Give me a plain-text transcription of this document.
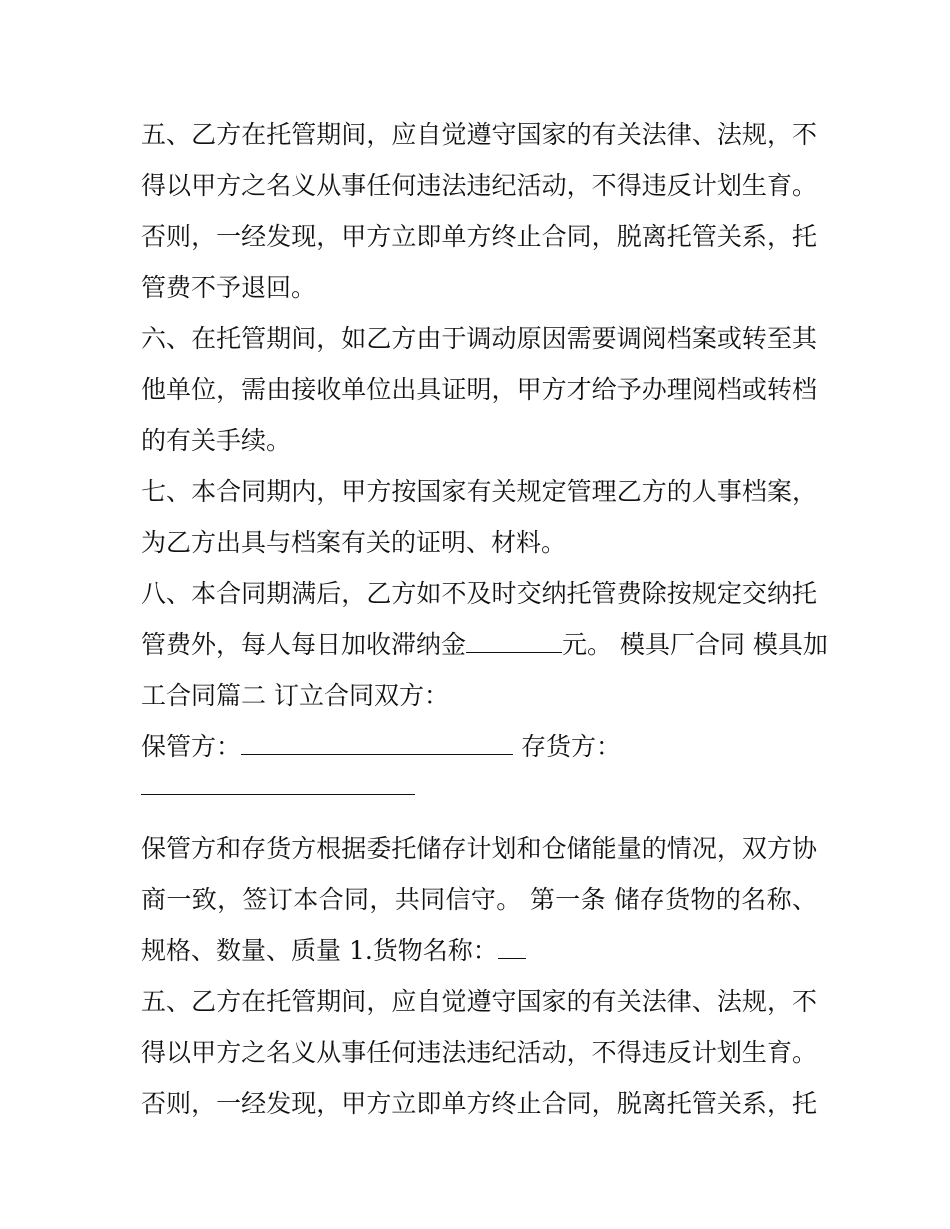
五、乙方在托管期间，应自觉遵守国家的有关法律、法规，不
得以甲方之名义从事任何违法违纪活动，不得违反计划生育。
否则，一经发现，甲方立即单方终止合同，脱离托管关系，托
管费不予退回。
六、在托管期间，如乙方由于调动原因需要调阅档案或转至其
他单位，需由接收单位出具证明，甲方才给予办理阅档或转档
的有关手续。
七、本合同期内，甲方按国家有关规定管理乙方的人事档案，
为乙方出具与档案有关的证明、材料。
八、本合同期满后，乙方如不及时交纳托管费除按规定交纳托
管费外，每人每日加收滞纳金	元。 模具厂合同 模具加
工合同篇二 订立合同双方：
保管方：	存货方：
保管方和存货方根据委托储存计划和仓储能量的情况，双方协
商一致，签订本合同，共同信守。 第一条 储存货物的名称、
规格、数量、质量 1.货物名称：
五、乙方在托管期间，应自觉遵守国家的有关法律、法规，不
得以甲方之名义从事任何违法违纪活动，不得违反计划生育。
否则，一经发现，甲方立即单方终止合同，脱离托管关系，托
